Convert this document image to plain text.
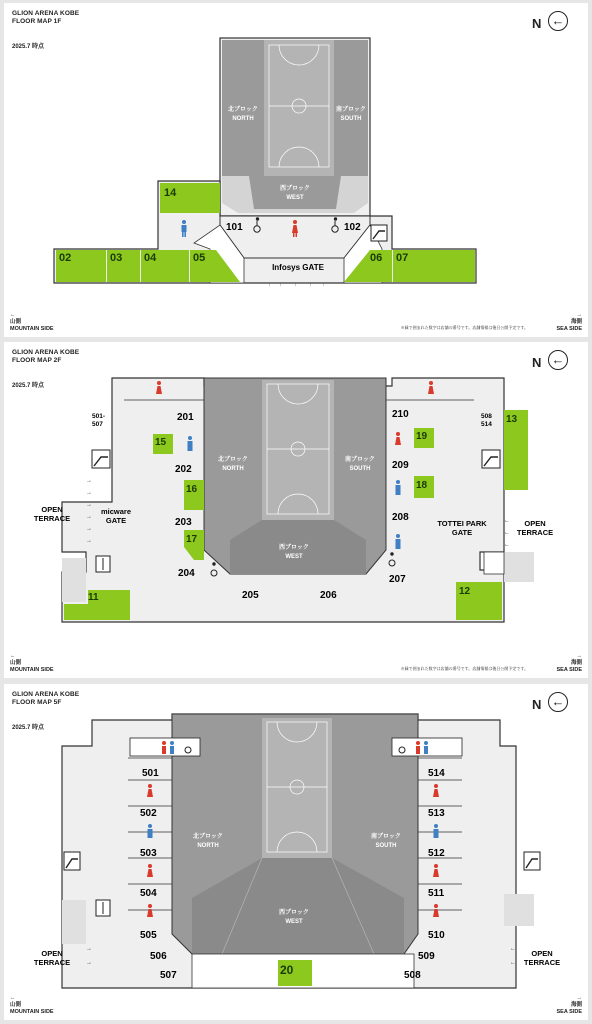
GLION ARENA KOBE
FLOOR MAP 1F
2025.7 時点
N ←
北ブロック
NORTH
南ブロック
SOUTH
西ブロック
WEST
14
02	03 04	05	06 07
101	102
Infosys GATE
↑ ↑ ↑ ↑ ↑
←
山側
MOUNTAIN SIDE	※緑で囲まれた数字は店舗の番号です。店舗情報は後日公開予定です。
→
海側
SEA SIDE
GLION ARENA KOBE
FLOOR MAP 2F
2025.7 時点
N ←
北ブロック
NORTH
南ブロック
SOUTH
西ブロック
WEST
15
16
17
11
19
18
12
13
201
202
203
204
205	206
207
208
209
210
501-507
508 514
OPEN TERRACE
micware GATE	TOTTEI PARK GATE
OPEN TERRACE
→
→
→
→
→
→
←
←
←
←
山側
MOUNTAIN SIDE	※緑で囲まれた数字は店舗の番号です。店舗情報は後日公開予定です。
→
海側
SEA SIDE
GLION ARENA KOBE
FLOOR MAP 5F
2025.7 時点
N ←
北ブロック
NORTH
南ブロック
SOUTH
西ブロック
WEST
20
501
502
503
504
505
506
507
514
513
512
511
510
509
508
OPEN TERRACE
OPEN TERRACE
→
→
←
←
←
山側
MOUNTAIN SIDE
→
海側
SEA SIDE
